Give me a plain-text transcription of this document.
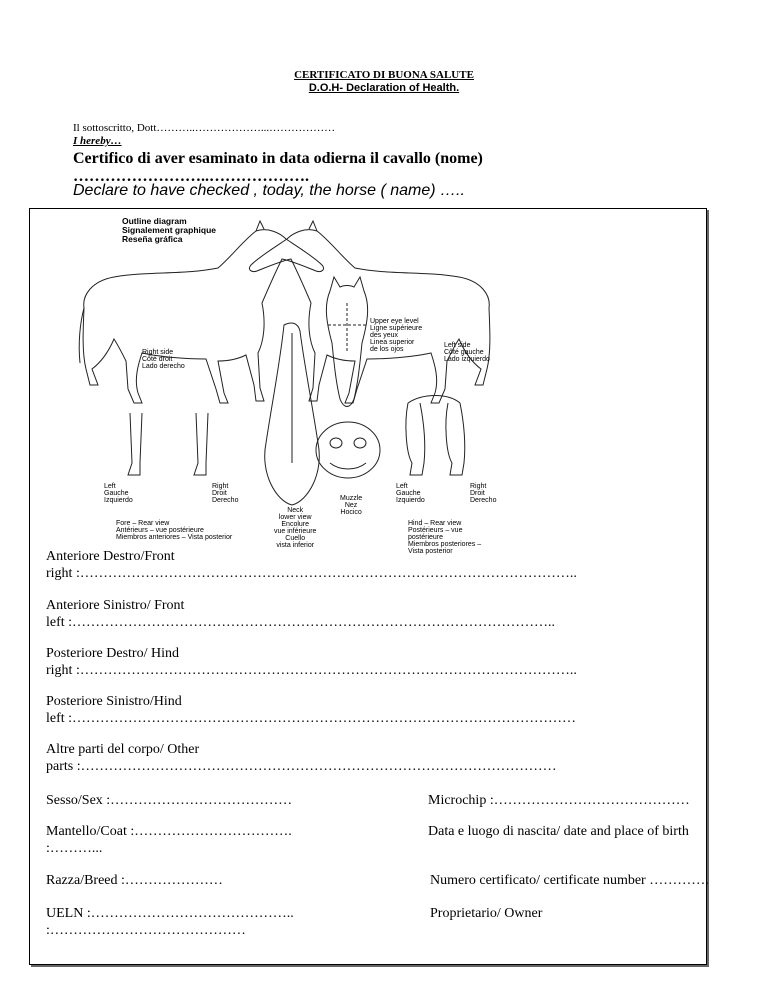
CERTIFICATO DI BUONA SALUTE
D.O.H- Declaration of Health.
Il sottoscritto, Dott………..………………...………………
I hereby…
Certifico di aver esaminato in data odierna il cavallo (nome)
……………………..……………….
Declare to have checked , today, the horse ( name) …..
Outline diagram
Signalement graphique
Reseña gráfica
Right side
Côté droit
Lado derecho
Left side
Côté gauche
Lado izquierdo
Upper eye level
Ligne supérieure
des yeux
Linea superior
de los ojos
Left
Gauche
Izquierdo
Right
Droit
Derecho
Left
Gauche
Izquierdo
Right
Droit
Derecho
Fore – Rear view
Antérieurs – vue postérieure
Miembros anteriores – Vista posterior
Neck
lower view
Encolure
vue inférieure
Cuello
vista inferior
Muzzle
Nez
Hocico
Hind – Rear view
Postérieurs – vue postérieure
Miembros posteriores – Vista posterior
Anteriore Destro/Front
right :……………………………………………………………………………………………..
Anteriore Sinistro/ Front
left :…………………………………………………………………………………………..
Posteriore Destro/ Hind
right :……………………………………………………………………………………………..
Posteriore Sinistro/Hind
left :………………………………………………………………………………………………
Altre parti del corpo/ Other
parts :…………………………………………………………………………………………
Sesso/Sex :…………………………………	Microchip :……………………………………
Mantello/Coat :…………………………….
:………...
Data e luogo di nascita/ date and place of birth
Razza/Breed :…………………	Numero certificato/ certificate number ………….
UELN :……………………………………..
:……………………………………
Proprietario/ Owner
